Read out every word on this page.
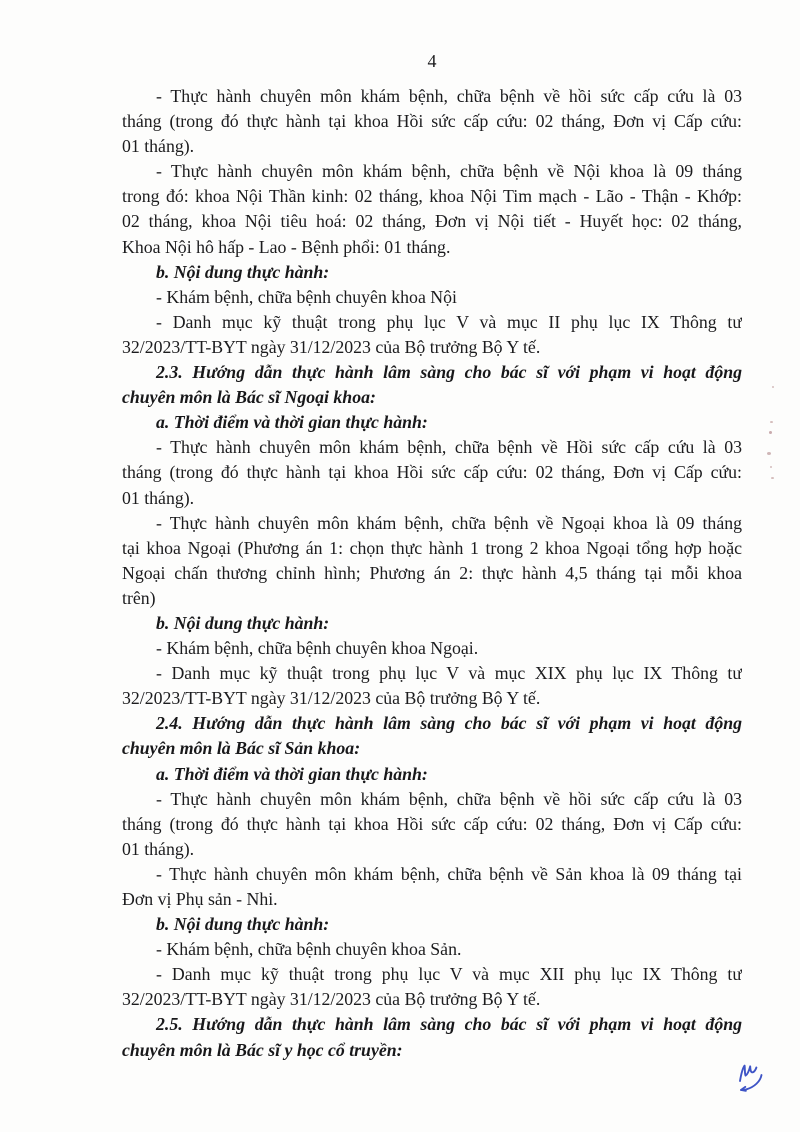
4
- Thực hành chuyên môn khám bệnh, chữa bệnh về hồi sức cấp cứu là 03
tháng (trong đó thực hành tại khoa Hồi sức cấp cứu: 02 tháng, Đơn vị Cấp cứu:
01 tháng).
- Thực hành chuyên môn khám bệnh, chữa bệnh về Nội khoa là 09 tháng
trong đó: khoa Nội Thần kinh: 02 tháng, khoa Nội Tim mạch - Lão - Thận - Khớp:
02 tháng, khoa Nội tiêu hoá: 02 tháng, Đơn vị Nội tiết - Huyết học: 02 tháng,
Khoa Nội hô hấp - Lao - Bệnh phổi: 01 tháng.
b. Nội dung thực hành:
- Khám bệnh, chữa bệnh chuyên khoa Nội
- Danh mục kỹ thuật trong phụ lục V và mục II phụ lục IX Thông tư
32/2023/TT-BYT ngày 31/12/2023 của Bộ trưởng Bộ Y tế.
2.3. Hướng dẫn thực hành lâm sàng cho bác sĩ với phạm vi hoạt động
chuyên môn là Bác sĩ Ngoại khoa:
a. Thời điểm và thời gian thực hành:
- Thực hành chuyên môn khám bệnh, chữa bệnh về Hồi sức cấp cứu là 03
tháng (trong đó thực hành tại khoa Hồi sức cấp cứu: 02 tháng, Đơn vị Cấp cứu:
01 tháng).
- Thực hành chuyên môn khám bệnh, chữa bệnh về Ngoại khoa là 09 tháng
tại khoa Ngoại (Phương án 1: chọn thực hành 1 trong 2 khoa Ngoại tổng hợp hoặc
Ngoại chấn thương chỉnh hình; Phương án 2: thực hành 4,5 tháng tại mỗi khoa
trên)
b. Nội dung thực hành:
- Khám bệnh, chữa bệnh chuyên khoa Ngoại.
- Danh mục kỹ thuật trong phụ lục V và mục XIX phụ lục IX Thông tư
32/2023/TT-BYT ngày 31/12/2023 của Bộ trưởng Bộ Y tế.
2.4. Hướng dẫn thực hành lâm sàng cho bác sĩ với phạm vi hoạt động
chuyên môn là Bác sĩ Sản khoa:
a. Thời điểm và thời gian thực hành:
- Thực hành chuyên môn khám bệnh, chữa bệnh về hồi sức cấp cứu là 03
tháng (trong đó thực hành tại khoa Hồi sức cấp cứu: 02 tháng, Đơn vị Cấp cứu:
01 tháng).
- Thực hành chuyên môn khám bệnh, chữa bệnh về Sản khoa là 09 tháng tại
Đơn vị Phụ sản - Nhi.
b. Nội dung thực hành:
- Khám bệnh, chữa bệnh chuyên khoa Sản.
- Danh mục kỹ thuật trong phụ lục V và mục XII phụ lục IX Thông tư
32/2023/TT-BYT ngày 31/12/2023 của Bộ trưởng Bộ Y tế.
2.5. Hướng dẫn thực hành lâm sàng cho bác sĩ với phạm vi hoạt động
chuyên môn là Bác sĩ y học cổ truyền:
